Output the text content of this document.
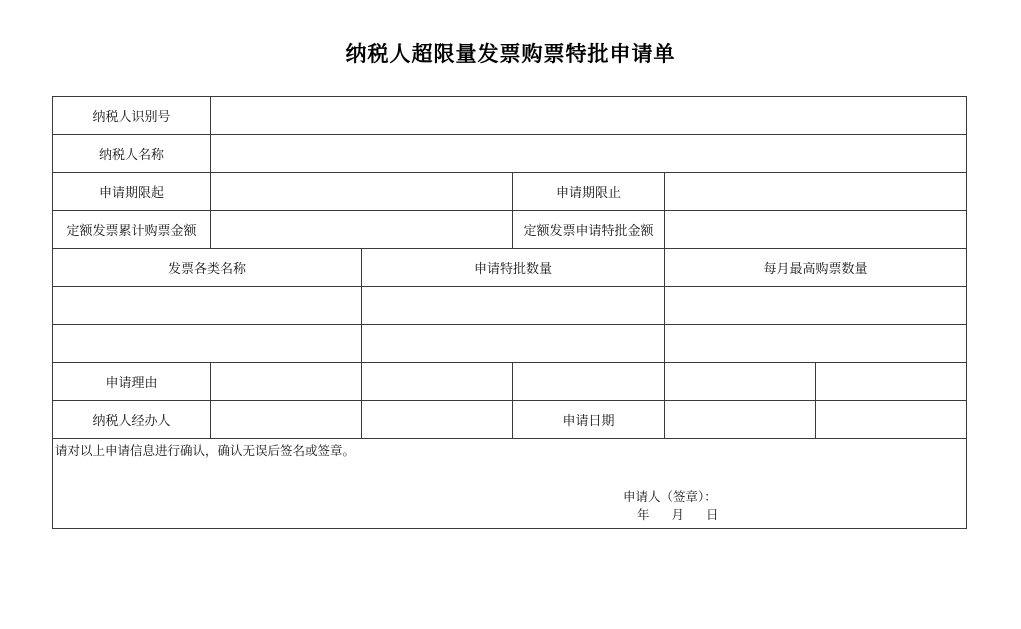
纳税人超限量发票购票特批申请单
纳税人识别号					
纳税人名称					
申请期限起			申请期限止		
定额发票累计购票金额			定额发票申请特批金额		
发票各类名称		申请特批数量		每月最高购票数量	

申请理由					
纳税人经办人			申请日期		

请对以上申请信息进行确认，确认无误后签名或签章。
申请人（签章）：
年 月 日					
